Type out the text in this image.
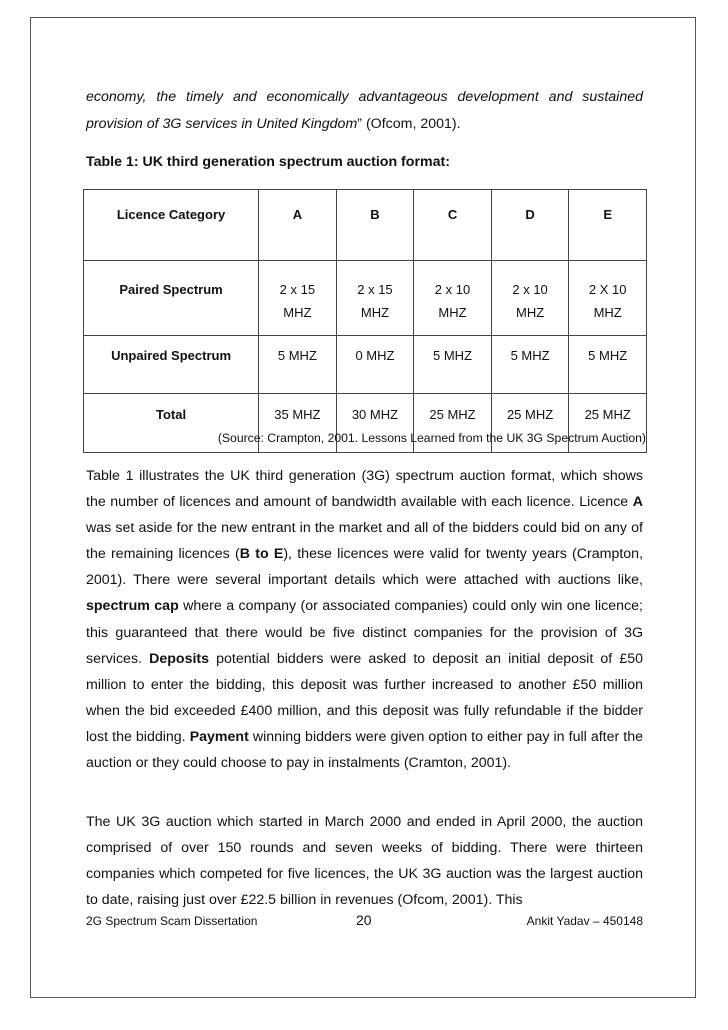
economy, the timely and economically advantageous development and sustained provision of 3G services in United Kingdom” (Ofcom, 2001).

Table 1: UK third generation spectrum auction format:

Licence Category	A	B	C	D	E
Paired Spectrum	2 x 15 MHZ	2 x 15 MHZ	2 x 10 MHZ	2 x 10 MHZ	2 X 10 MHZ
Unpaired Spectrum	5 MHZ	0 MHZ	5 MHZ	5 MHZ	5 MHZ
Total	35 MHZ	30 MHZ	25 MHZ	25 MHZ	25 MHZ
(Source: Crampton, 2001. Lessons Learned from the UK 3G Spectrum Auction)

Table 1 illustrates the UK third generation (3G) spectrum auction format, which shows the number of licences and amount of bandwidth available with each licence. Licence A was set aside for the new entrant in the market and all of the bidders could bid on any of the remaining licences (B to E), these licences were valid for twenty years (Crampton, 2001). There were several important details which were attached with auctions like, spectrum cap where a company (or associated companies) could only win one licence; this guaranteed that there would be five distinct companies for the provision of 3G services. Deposits potential bidders were asked to deposit an initial deposit of £50 million to enter the bidding, this deposit was further increased to another £50 million when the bid exceeded £400 million, and this deposit was fully refundable if the bidder lost the bidding. Payment winning bidders were given option to either pay in full after the auction or they could choose to pay in instalments (Cramton, 2001).

The UK 3G auction which started in March 2000 and ended in April 2000, the auction comprised of over 150 rounds and seven weeks of bidding. There were thirteen companies which competed for five licences, the UK 3G auction was the largest auction to date, raising just over £22.5 billion in revenues (Ofcom, 2001). This

2G Spectrum Scam Dissertation	20	Ankit Yadav – 450148
